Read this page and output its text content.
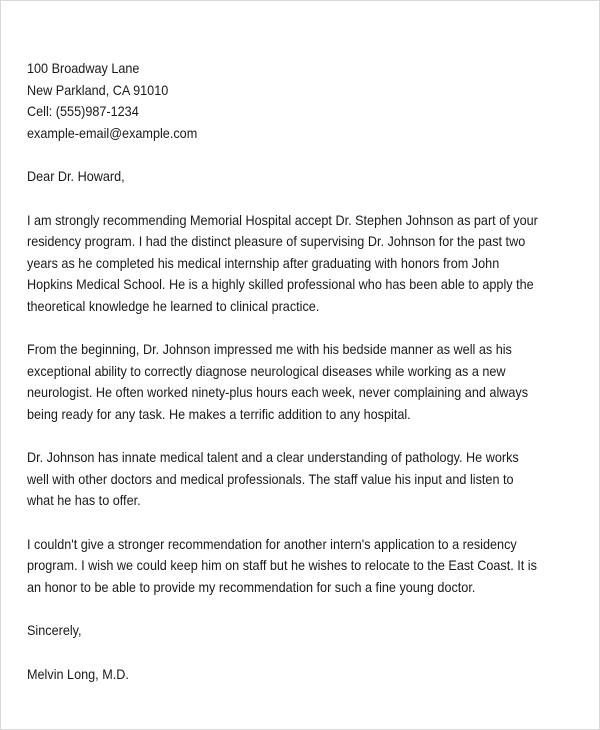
100 Broadway Lane
New Parkland, CA 91010
Cell: (555)987-1234
example-email@example.com
Dear Dr. Howard,
I am strongly recommending Memorial Hospital accept Dr. Stephen Johnson as part of your
residency program. I had the distinct pleasure of supervising Dr. Johnson for the past two
years as he completed his medical internship after graduating with honors from John
Hopkins Medical School. He is a highly skilled professional who has been able to apply the
theoretical knowledge he learned to clinical practice.
From the beginning, Dr. Johnson impressed me with his bedside manner as well as his
exceptional ability to correctly diagnose neurological diseases while working as a new
neurologist. He often worked ninety-plus hours each week, never complaining and always
being ready for any task. He makes a terrific addition to any hospital.
Dr. Johnson has innate medical talent and a clear understanding of pathology. He works
well with other doctors and medical professionals. The staff value his input and listen to
what he has to offer.
I couldn't give a stronger recommendation for another intern's application to a residency
program. I wish we could keep him on staff but he wishes to relocate to the East Coast. It is
an honor to be able to provide my recommendation for such a fine young doctor.
Sincerely,
Melvin Long, M.D.
